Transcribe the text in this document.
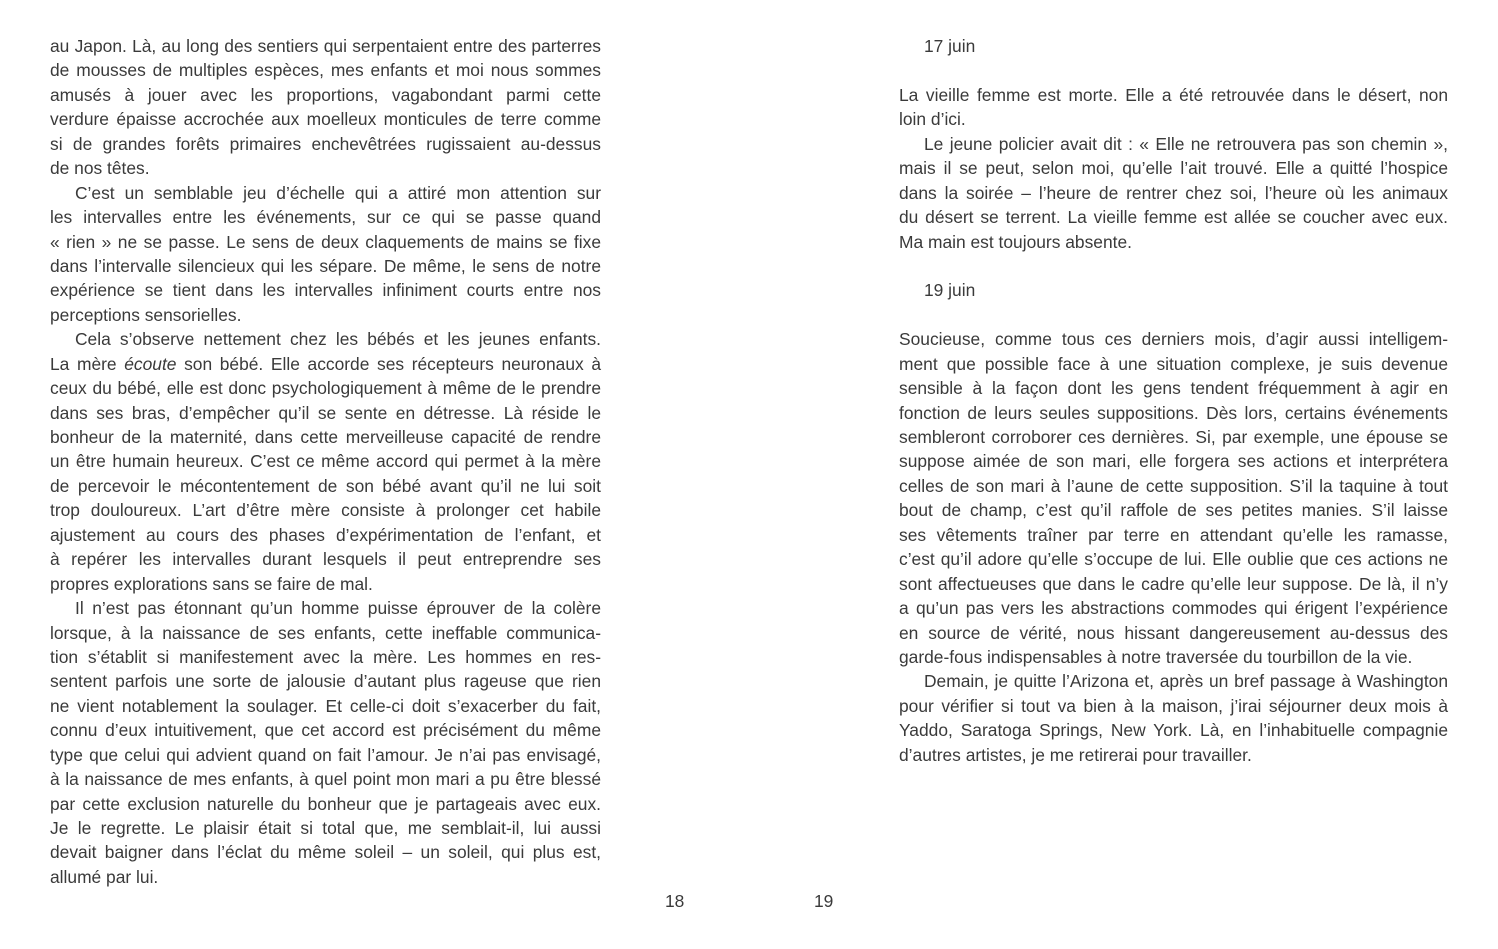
au Japon. Là, au long des sentiers qui serpentaient entre des parterres
de mousses de multiples espèces, mes enfants et moi nous sommes
amusés à jouer avec les proportions, vagabondant parmi cette
verdure épaisse accrochée aux moelleux monticules de terre comme
si de grandes forêts primaires enchevêtrées rugissaient au-dessus
de nos têtes.
C’est un semblable jeu d’échelle qui a attiré mon attention sur
les intervalles entre les événements, sur ce qui se passe quand
« rien » ne se passe. Le sens de deux claquements de mains se fixe
dans l’intervalle silencieux qui les sépare. De même, le sens de notre
expérience se tient dans les intervalles infiniment courts entre nos
perceptions sensorielles.
Cela s’observe nettement chez les bébés et les jeunes enfants.
La mère écoute son bébé. Elle accorde ses récepteurs neuronaux à
ceux du bébé, elle est donc psychologiquement à même de le prendre
dans ses bras, d’empêcher qu’il se sente en détresse. Là réside le
bonheur de la maternité, dans cette merveilleuse capacité de rendre
un être humain heureux. C’est ce même accord qui permet à la mère
de percevoir le mécontentement de son bébé avant qu’il ne lui soit
trop douloureux. L’art d’être mère consiste à prolonger cet habile
ajustement au cours des phases d’expérimentation de l’enfant, et
à repérer les intervalles durant lesquels il peut entreprendre ses
propres explorations sans se faire de mal.
Il n’est pas étonnant qu’un homme puisse éprouver de la colère
lorsque, à la naissance de ses enfants, cette ineffable communica-
tion s’établit si manifestement avec la mère. Les hommes en res-
sentent parfois une sorte de jalousie d’autant plus rageuse que rien
ne vient notablement la soulager. Et celle-ci doit s’exacerber du fait,
connu d’eux intuitivement, que cet accord est précisément du même
type que celui qui advient quand on fait l’amour. Je n’ai pas envisagé,
à la naissance de mes enfants, à quel point mon mari a pu être blessé
par cette exclusion naturelle du bonheur que je partageais avec eux.
Je le regrette. Le plaisir était si total que, me semblait-il, lui aussi
devait baigner dans l’éclat du même soleil – un soleil, qui plus est,
allumé par lui.
17 juin
La vieille femme est morte. Elle a été retrouvée dans le désert, non
loin d’ici.
Le jeune policier avait dit : « Elle ne retrouvera pas son chemin »,
mais il se peut, selon moi, qu’elle l’ait trouvé. Elle a quitté l’hospice
dans la soirée – l’heure de rentrer chez soi, l’heure où les animaux
du désert se terrent. La vieille femme est allée se coucher avec eux.
Ma main est toujours absente.
19 juin
Soucieuse, comme tous ces derniers mois, d’agir aussi intelligem-
ment que possible face à une situation complexe, je suis devenue
sensible à la façon dont les gens tendent fréquemment à agir en
fonction de leurs seules suppositions. Dès lors, certains événements
sembleront corroborer ces dernières. Si, par exemple, une épouse se
suppose aimée de son mari, elle forgera ses actions et interprétera
celles de son mari à l’aune de cette supposition. S’il la taquine à tout
bout de champ, c’est qu’il raffole de ses petites manies. S’il laisse
ses vêtements traîner par terre en attendant qu’elle les ramasse,
c’est qu’il adore qu’elle s’occupe de lui. Elle oublie que ces actions ne
sont affectueuses que dans le cadre qu’elle leur suppose. De là, il n’y
a qu’un pas vers les abstractions commodes qui érigent l’expérience
en source de vérité, nous hissant dangereusement au-dessus des
garde-fous indispensables à notre traversée du tourbillon de la vie.
Demain, je quitte l’Arizona et, après un bref passage à Washington
pour vérifier si tout va bien à la maison, j’irai séjourner deux mois à
Yaddo, Saratoga Springs, New York. Là, en l’inhabituelle compagnie
d’autres artistes, je me retirerai pour travailler.
18	19
